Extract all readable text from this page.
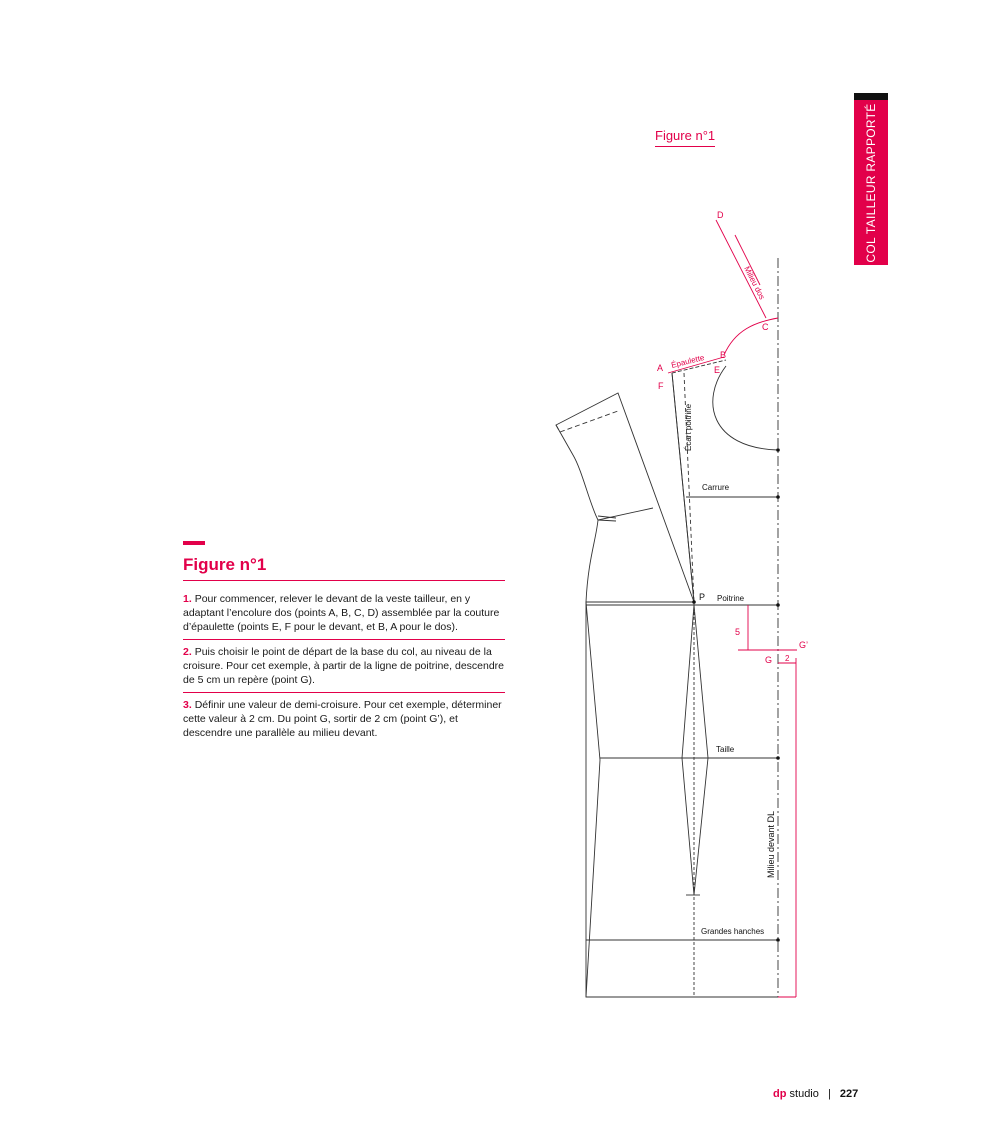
COL TAILLEUR RAPPORTÉ
Figure n°1
D
C
B
A	E
F
G
G’
5
2
Épaulette
Milieu dos
P Poitrine
Carrure
Taille
Grandes hanches
Écart poitrine
Milieu devant DL
Figure n°1
1. Pour commencer, relever le devant de la veste tailleur, en y adaptant l’encolure dos (points A, B, C, D) assemblée par la couture d’épaulette (points E, F pour le devant, et B, A pour le dos).
2. Puis choisir le point de départ de la base du col, au niveau de la croisure. Pour cet exemple, à partir de la ligne de poitrine, descendre de 5 cm un repère (point G).
3. Définir une valeur de demi-croisure. Pour cet exemple, déterminer cette valeur à 2 cm. Du point G, sortir de 2 cm (point G’), et descendre une parallèle au milieu devant.
dp studio | 227
